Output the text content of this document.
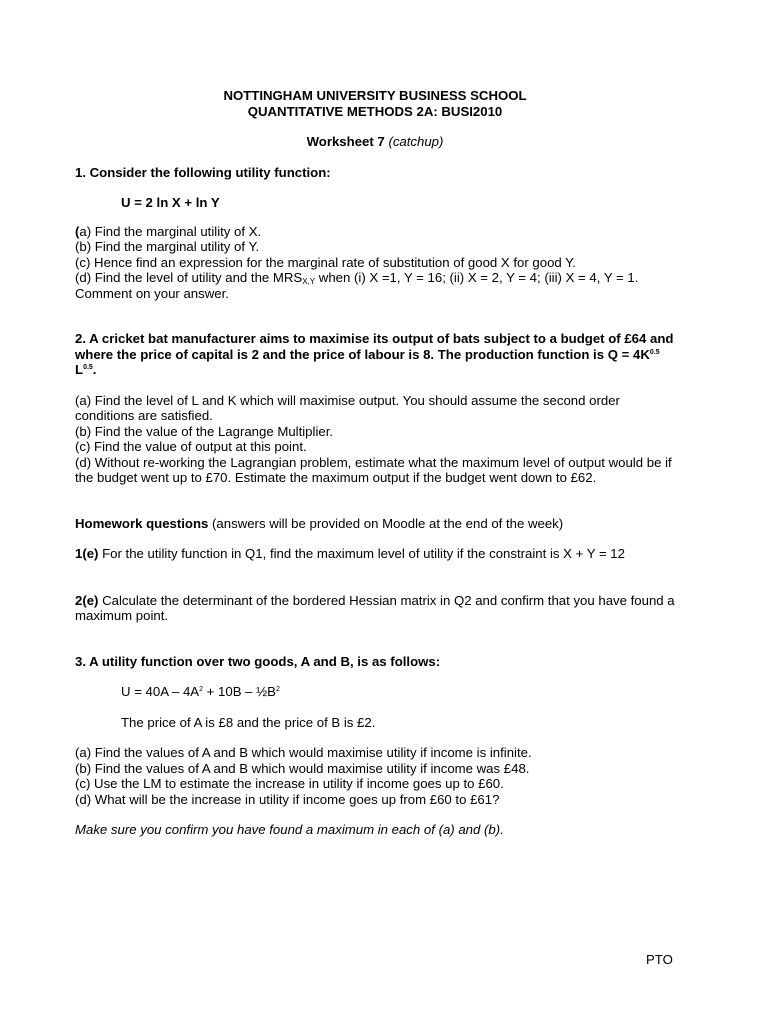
NOTTINGHAM UNIVERSITY BUSINESS SCHOOL

QUANTITATIVE METHODS 2A: BUSI2010

Worksheet 7 (catchup)

1. Consider the following utility function:

U = 2 ln X + ln Y

(a) Find the marginal utility of X.

(b) Find the marginal utility of Y.

(c) Hence find an expression for the marginal rate of substitution of good X for good Y.

(d) Find the level of utility and the $MRS_{X,Y}$ when (i) X =1, Y = 16; (ii) X = 2, Y = 4; (iii) X = 4, Y = 1. Comment on your answer.

2. A cricket bat manufacturer aims to maximise its output of bats subject to a budget of £64 and where the price of capital is 2 and the price of labour is 8. The production function is $Q = 4K^{0.5}$ $L^{0.5}$.

(a) Find the level of L and K which will maximise output. You should assume the second order conditions are satisfied.

(b) Find the value of the Lagrange Multiplier.

(c) Find the value of output at this point.

(d) Without re-working the Lagrangian problem, estimate what the maximum level of output would be if the budget went up to £70. Estimate the maximum output if the budget went down to £62.

Homework questions (answers will be provided on Moodle at the end of the week)

1(e) For the utility function in Q1, find the maximum level of utility if the constraint is X + Y = 12

2(e) Calculate the determinant of the bordered Hessian matrix in Q2 and confirm that you have found a maximum point.

3. A utility function over two goods, A and B, is as follows:

$U = 40A - 4A^2 + 10B$ – $\frac{1}{2}B^2$

The price of A is £8 and the price of B is £2.

(a) Find the values of A and B which would maximise utility if income is infinite.

(b) Find the values of A and B which would maximise utility if income was £48.

(c) Use the LM to estimate the increase in utility if income goes up to £60.

(d) What will be the increase in utility if income goes up from £60 to £61?

Make sure you confirm you have found a maximum in each of (a) and (b).

PTO
